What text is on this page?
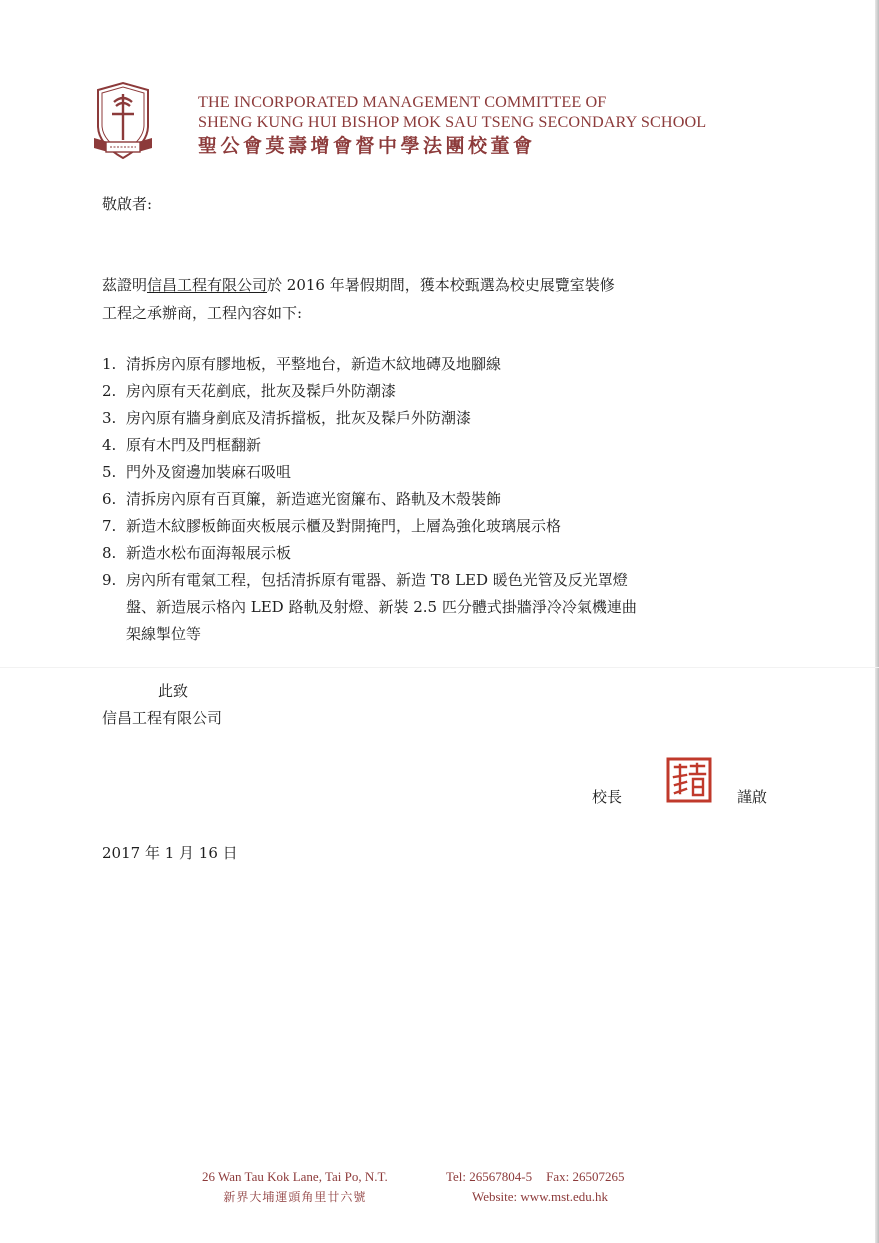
THE INCORPORATED MANAGEMENT COMMITTEE OF
SHENG KUNG HUI BISHOP MOK SAU TSENG SECONDARY SCHOOL
聖公會莫壽增會督中學法團校董會
敬啟者:

茲證明信昌工程有限公司於 2016 年暑假期間，獲本校甄選為校史展覽室裝修

工程之承辦商，工程內容如下:

1. 清拆房內原有膠地板，平整地台，新造木紋地磚及地腳線
2. 房內原有天花剷底，批灰及髹戶外防潮漆
3. 房內原有牆身剷底及清拆擋板，批灰及髹戶外防潮漆
4. 原有木門及門框翻新
5. 門外及窗邊加裝麻石吸咀
6. 清拆房內原有百頁簾，新造遮光窗簾布、路軌及木殼裝飾
7. 新造木紋膠板飾面夾板展示櫃及對開掩門，上層為強化玻璃展示格
8. 新造水松布面海報展示板
9. 房內所有電氣工程，包括清拆原有電器、新造 T8 LED 暖色光管及反光罩燈
盤、新造展示格內 LED 路軌及射燈、新裝 2.5 匹分體式掛牆淨冷冷氣機連曲
架線掣位等
此致
信昌工程有限公司
校長	謹啟
2017 年 1 月 16 日
26 Wan Tau Kok Lane, Tai Po, N.T.
新界大埔運頭角里廿六號
Tel: 26567804-5 Fax: 26507265
Website: www.mst.edu.hk
